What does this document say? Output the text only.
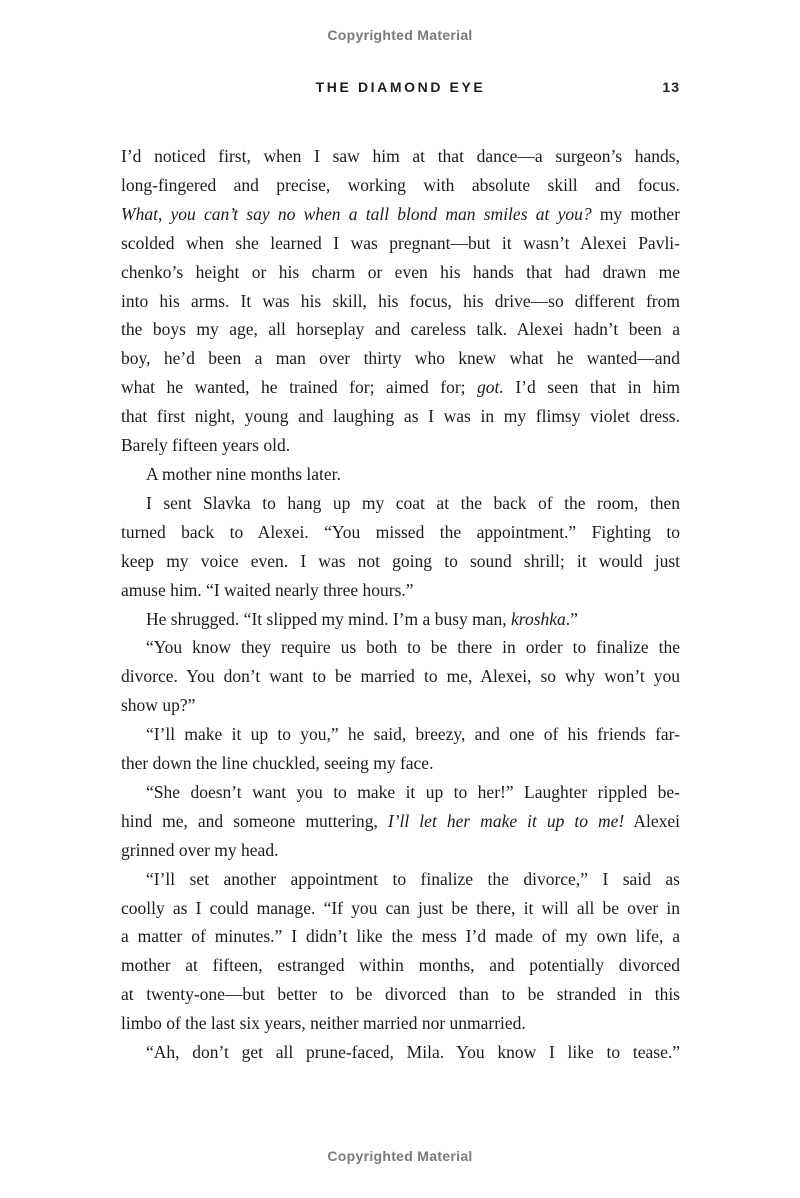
Copyrighted Material
THE DIAMOND EYE	13
I’d noticed first, when I saw him at that dance—a surgeon’s hands,
long-fingered and precise, working with absolute skill and focus.
What, you can’t say no when a tall blond man smiles at you? my mother
scolded when she learned I was pregnant—but it wasn’t Alexei Pavli-
chenko’s height or his charm or even his hands that had drawn me
into his arms. It was his skill, his focus, his drive—so different from
the boys my age, all horseplay and careless talk. Alexei hadn’t been a
boy, he’d been a man over thirty who knew what he wanted—and
what he wanted, he trained for; aimed for; got. I’d seen that in him
that first night, young and laughing as I was in my flimsy violet dress.
Barely fifteen years old.
A mother nine months later.
I sent Slavka to hang up my coat at the back of the room, then
turned back to Alexei. “You missed the appointment.” Fighting to
keep my voice even. I was not going to sound shrill; it would just
amuse him. “I waited nearly three hours.”
He shrugged. “It slipped my mind. I’m a busy man, kroshka.”
“You know they require us both to be there in order to finalize the
divorce. You don’t want to be married to me, Alexei, so why won’t you
show up?”
“I’ll make it up to you,” he said, breezy, and one of his friends far-
ther down the line chuckled, seeing my face.
“She doesn’t want you to make it up to her!” Laughter rippled be-
hind me, and someone muttering, I’ll let her make it up to me! Alexei
grinned over my head.
“I’ll set another appointment to finalize the divorce,” I said as
coolly as I could manage. “If you can just be there, it will all be over in
a matter of minutes.” I didn’t like the mess I’d made of my own life, a
mother at fifteen, estranged within months, and potentially divorced
at twenty-one—but better to be divorced than to be stranded in this
limbo of the last six years, neither married nor unmarried.
“Ah, don’t get all prune-faced, Mila. You know I like to tease.”
Copyrighted Material
